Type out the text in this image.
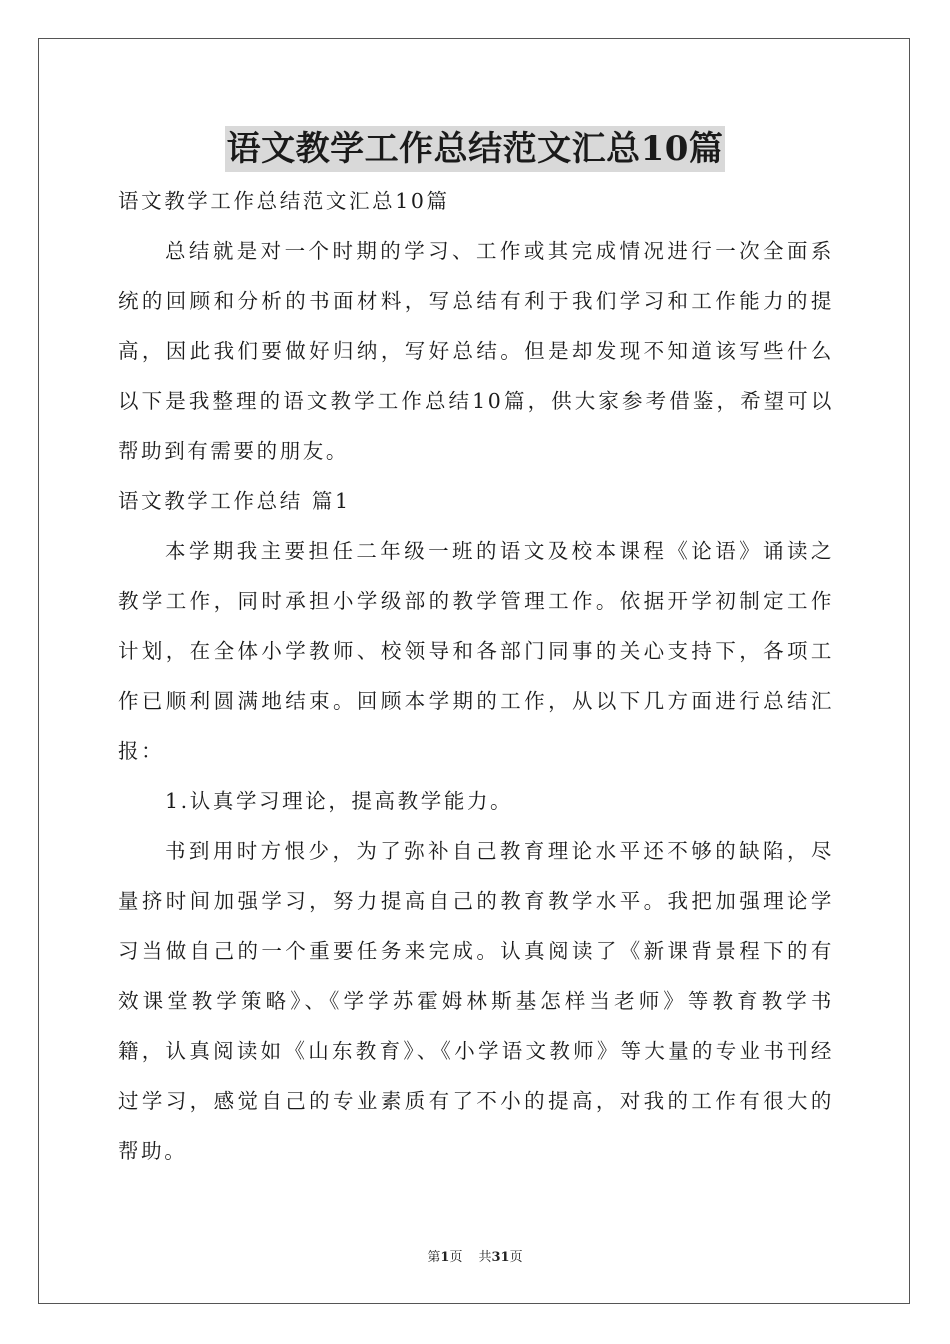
语文教学工作总结范文汇总10篇

语文教学工作总结范文汇总10篇

总结就是对一个时期的学习、工作或其完成情况进行一次全面系统的回顾和分析的书面材料，写总结有利于我们学习和工作能力的提高，因此我们要做好归纳，写好总结。但是却发现不知道该写些什么以下是我整理的语文教学工作总结10篇，供大家参考借鉴，希望可以帮助到有需要的朋友。

语文教学工作总结 篇1

本学期我主要担任二年级一班的语文及校本课程《论语》诵读之教学工作，同时承担小学级部的教学管理工作。依据开学初制定工作计划，在全体小学教师、校领导和各部门同事的关心支持下，各项工作已顺利圆满地结束。回顾本学期的工作，从以下几方面进行总结汇报：

1.认真学习理论，提高教学能力。

书到用时方恨少，为了弥补自己教育理论水平还不够的缺陷，尽量挤时间加强学习，努力提高自己的教育教学水平。我把加强理论学习当做自己的一个重要任务来完成。认真阅读了《新课背景程下的有效课堂教学策略》、《学学苏霍姆林斯基怎样当老师》等教育教学书籍，认真阅读如《山东教育》、《小学语文教师》等大量的专业书刊经过学习，感觉自己的专业素质有了不小的提高，对我的工作有很大的帮助。

第1页 共31页
